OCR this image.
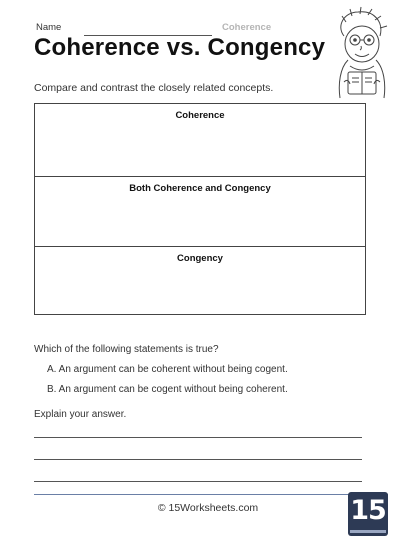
Name	Coherence
Coherence vs. Congency
Compare and contrast the closely related concepts.
Coherence
Both Coherence and Congency
Congency
Which of the following statements is true?
A. An argument can be coherent without being cogent.
B. An argument can be cogent without being coherent.
Explain your answer.
© 15Worksheets.com	15
